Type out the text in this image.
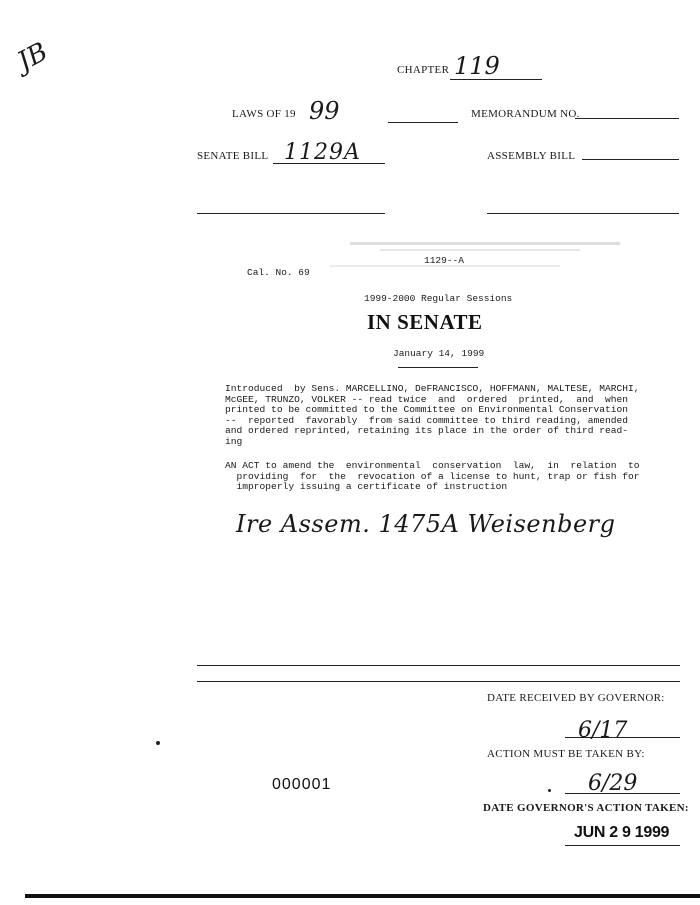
JB	CHAPTER 119
LAWS OF 19 99	MEMORANDUM NO.
SENATE BILL 1129A	ASSEMBLY BILL
1129--A
Cal. No. 69
1999-2000 Regular Sessions
IN SENATE
January 14, 1999
Introduced  by Sens. MARCELLINO, DeFRANCISCO, HOFFMANN, MALTESE, MARCHI,
McGEE, TRUNZO, VOLKER -- read twice  and  ordered  printed,  and  when
printed to be committed to the Committee on Environmental Conservation
--  reported  favorably  from said committee to third reading, amended
and ordered reprinted, retaining its place in the order of third read-
ing
AN ACT to amend the  environmental  conservation  law,  in  relation  to
providing  for  the  revocation of a license to hunt, trap or fish for
improperly issuing a certificate of instruction
Ire Assem. 1475A Weisenberg
DATE RECEIVED BY GOVERNOR:
6/17
ACTION MUST BE TAKEN BY:
6/29
000001
DATE GOVERNOR'S ACTION TAKEN:
JUN 2 9 1999
